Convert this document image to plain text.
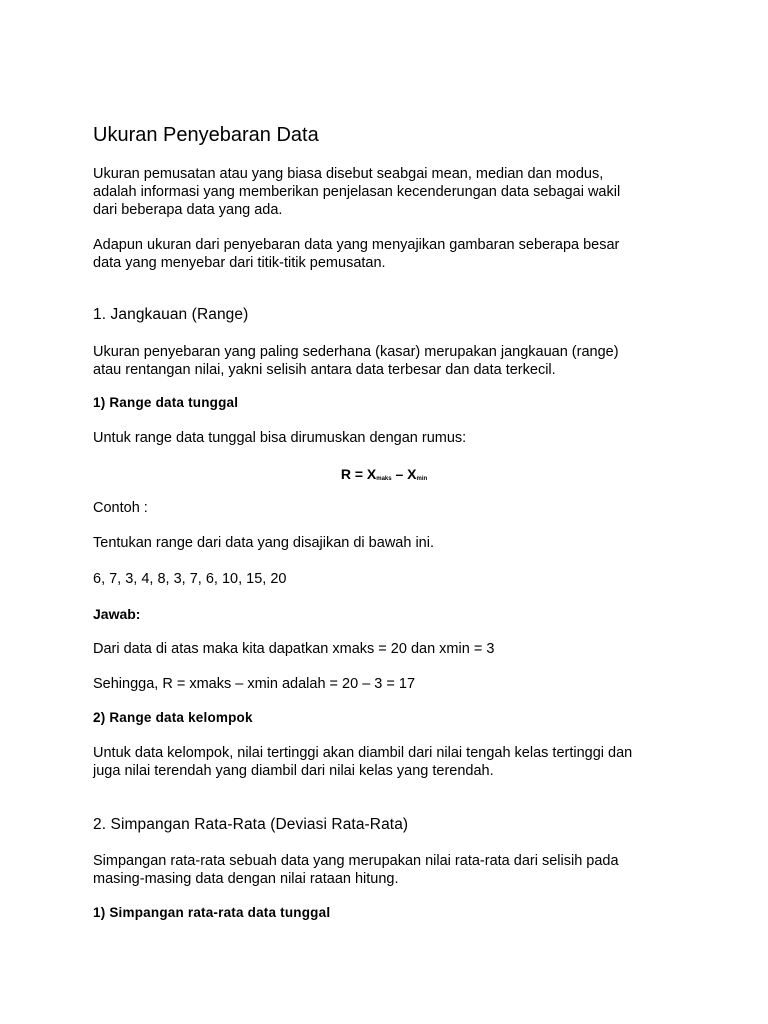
Ukuran Penyebaran Data
Ukuran pemusatan atau yang biasa disebut seabgai mean, median dan modus,
adalah informasi yang memberikan penjelasan kecenderungan data sebagai wakil
dari beberapa data yang ada.
Adapun ukuran dari penyebaran data yang menyajikan gambaran seberapa besar
data yang menyebar dari titik-titik pemusatan.
1. Jangkauan (Range)
Ukuran penyebaran yang paling sederhana (kasar) merupakan jangkauan (range)
atau rentangan nilai, yakni selisih antara data terbesar dan data terkecil.
1) Range data tunggal

Untuk range data tunggal bisa dirumuskan dengan rumus:

R = Xmaks – Xmin

Contoh :

Tentukan range dari data yang disajikan di bawah ini.

6, 7, 3, 4, 8, 3, 7, 6, 10, 15, 20

Jawab:

Dari data di atas maka kita dapatkan xmaks = 20 dan xmin = 3

Sehingga, R = xmaks – xmin adalah = 20 – 3 = 17

2) Range data kelompok
Untuk data kelompok, nilai tertinggi akan diambil dari nilai tengah kelas tertinggi dan
juga nilai terendah yang diambil dari nilai kelas yang terendah.
2. Simpangan Rata-Rata (Deviasi Rata-Rata)
Simpangan rata-rata sebuah data yang merupakan nilai rata-rata dari selisih pada
masing-masing data dengan nilai rataan hitung.
1) Simpangan rata-rata data tunggal
